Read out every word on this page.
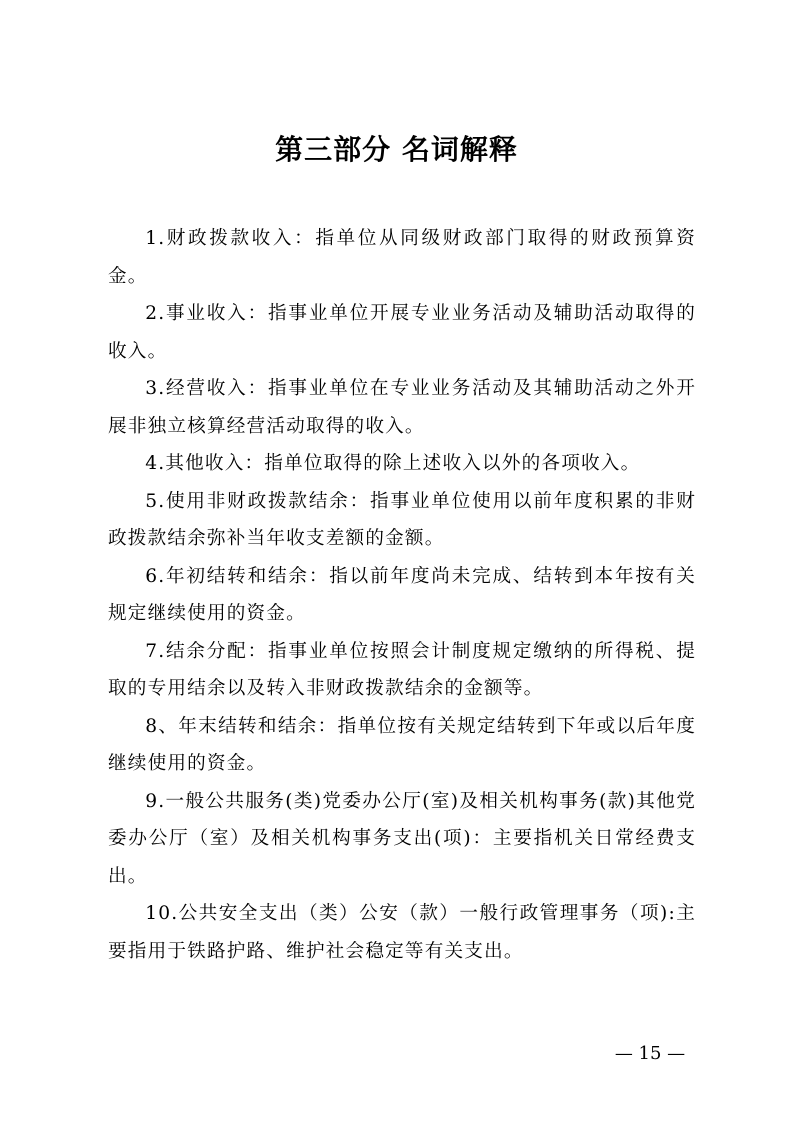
第三部分 名词解释

1.财政拨款收入：指单位从同级财政部门取得的财政预算资金。

2.事业收入：指事业单位开展专业业务活动及辅助活动取得的收入。

3.经营收入：指事业单位在专业业务活动及其辅助活动之外开展非独立核算经营活动取得的收入。

4.其他收入：指单位取得的除上述收入以外的各项收入。

5.使用非财政拨款结余：指事业单位使用以前年度积累的非财政拨款结余弥补当年收支差额的金额。

6.年初结转和结余：指以前年度尚未完成、结转到本年按有关规定继续使用的资金。

7.结余分配：指事业单位按照会计制度规定缴纳的所得税、提取的专用结余以及转入非财政拨款结余的金额等。

8、年末结转和结余：指单位按有关规定结转到下年或以后年度继续使用的资金。

9.一般公共服务(类)党委办公厅(室)及相关机构事务(款)其他党委办公厅（室）及相关机构事务支出(项)：主要指机关日常经费支出。

10.公共安全支出（类）公安（款）一般行政管理事务（项):主要指用于铁路护路、维护社会稳定等有关支出。

— 15 —
